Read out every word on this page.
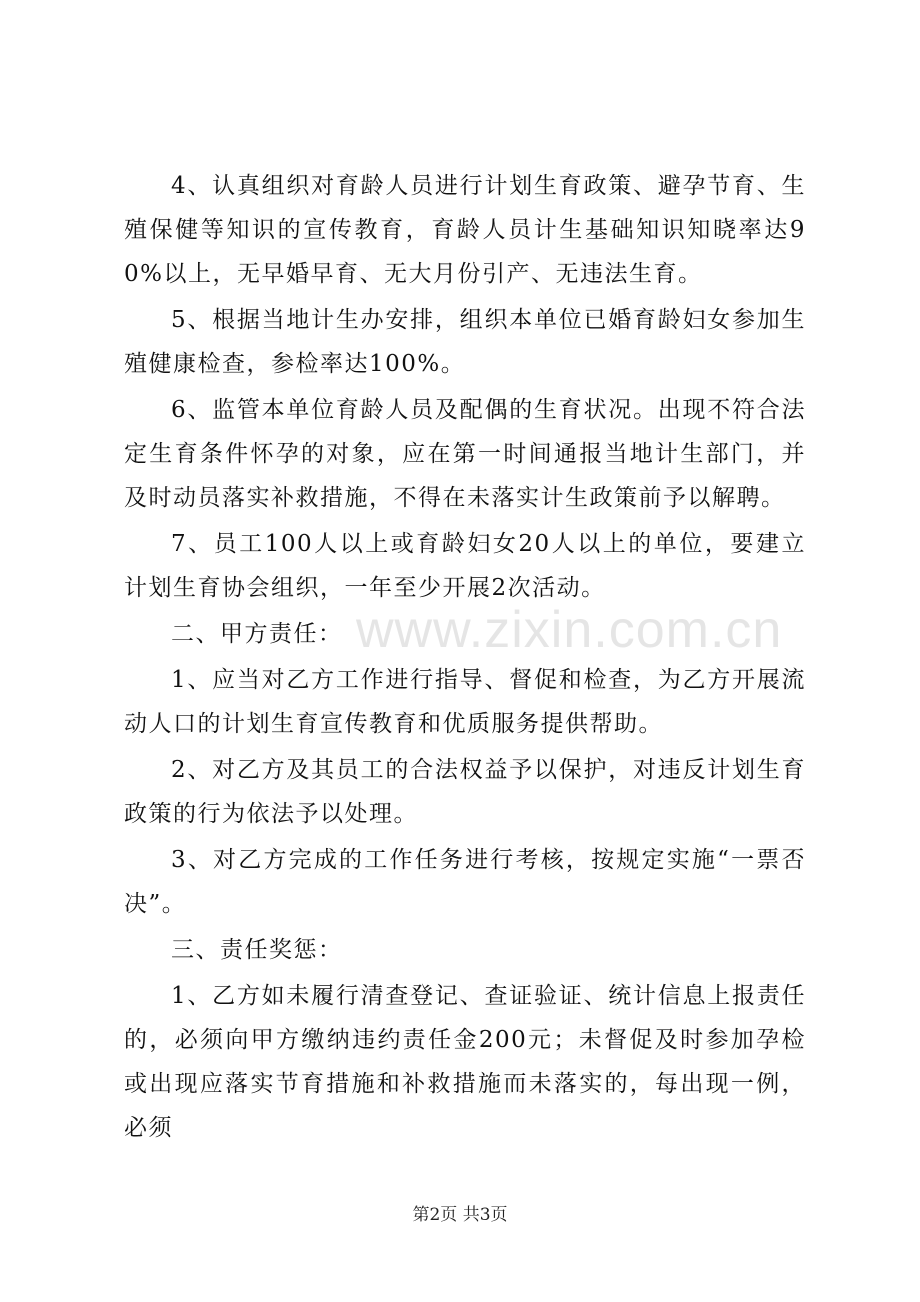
4、认真组织对育龄人员进行计划生育政策、避孕节育、生殖保健等知识的宣传教育，育龄人员计生基础知识知晓率达90%以上，无早婚早育、无大月份引产、无违法生育。

5、根据当地计生办安排，组织本单位已婚育龄妇女参加生殖健康检查，参检率达100%。

6、监管本单位育龄人员及配偶的生育状况。出现不符合法定生育条件怀孕的对象，应在第一时间通报当地计生部门，并及时动员落实补救措施，不得在未落实计生政策前予以解聘。

7、员工100人以上或育龄妇女20人以上的单位，要建立计划生育协会组织，一年至少开展2次活动。

二、甲方责任：

1、应当对乙方工作进行指导、督促和检查，为乙方开展流动人口的计划生育宣传教育和优质服务提供帮助。

2、对乙方及其员工的合法权益予以保护，对违反计划生育政策的行为依法予以处理。

3、对乙方完成的工作任务进行考核，按规定实施“一票否决”。

三、责任奖惩：

1、乙方如未履行清查登记、查证验证、统计信息上报责任的，必须向甲方缴纳违约责任金200元；未督促及时参加孕检或出现应落实节育措施和补救措施而未落实的，每出现一例，必须

www.zixin.com.cn
第2页 共3页
